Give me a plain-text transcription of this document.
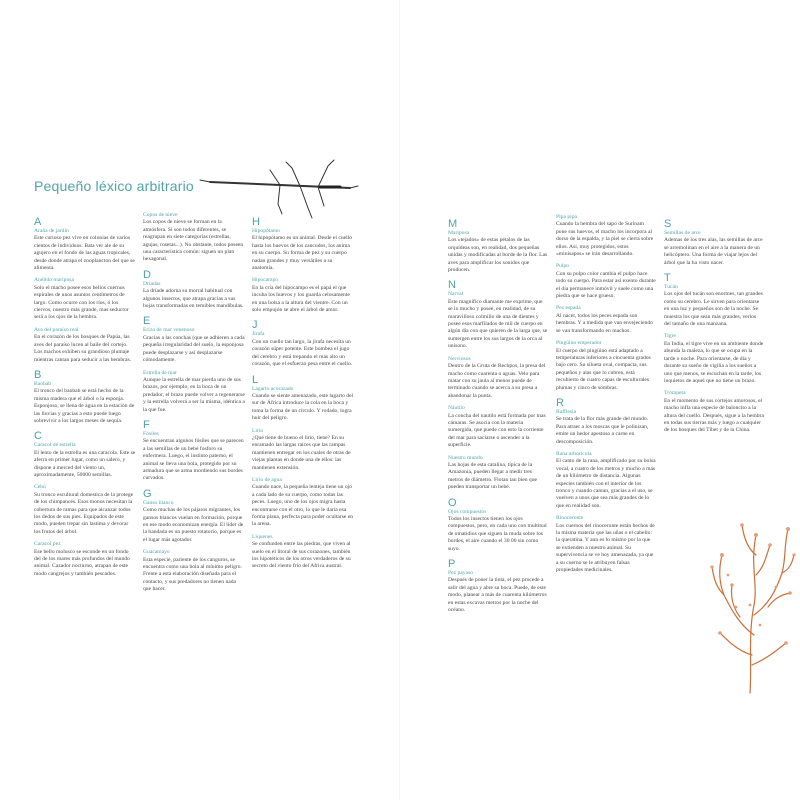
Pequeño léxico arbitrario
A
Araña de jardín
Este curioso pez vive en colonias de varios cientos de individuos. Bata ver ale de su agujero en el fondo de las aguas tropicales, desde donde atrapa el zooplancton del que se alimenta.
Anélido mariposa
Solo el macho posee esos bellos cuernos espirales de unos asuntos centímetros de largo. Como ocurre con los ríos, ó los ciervos, nuestro más grande, mas seductor será a los ojos de la hembra.
Ave del paraíso real
En el corazón de los bosques de Papúa, las aves del paraíso lucen al baile del cortejo. Los machos exhiben su grandioso plumaje mientras cantan para seducir a las hembras.
B
Baobab
El tronco del baobab se está hecho de la misma madera que el árbol o la esponja. Esponjoso, se llena de agua en la estación de las lluvias y gracias a esto puede luego sobrevivir a los largos meses de sequía.
C
Caracol de estrella
El lento de la estrella es una caracola. Este se aferra en primer lugar, como un salero, y dispone a merced del viento un, aproximadamente, 50000 semillas.
Cebú
Su tronco escultural domestica de la protege de los chimpancés. Esos monos necesitan la cobertura de ramas para que alcanzar todos los dedos de sus pies. Equipados de este modo, pueden trepar sin lastima y devorar los frutos del árbol.
Caracol pez
Ese bello molusco se esconde en un fondo del de los mares más profundos del mundo animal. Cazador nocturno, atrapan de este modo cangrejos y también pescados.
Copos de nieve
Los copos de nieve se forman en la atmósfera. Si son todos diferentes, se reagrupan en siete categorías (estrellas, agujas, rosetas...). No obstante, todos poseen una característica común: siguen un plan hexagonal.
D
Dríadas
La dríade adorna su morral habitual con algunos insectos, que atrapa gracias a sus hojas transformadas en temibles mandíbulas.
E
Erizo de mar venenoso
Gracias a las conchas (que se adhieren a cada pequeña irregularidad del suelo, la esponjosa puede desplazarse y así desplazarse cómodamente.
Estrella de mar
Aunque la estrella de mar pierda uno de sus brazos, por ejemplo, en la boca de un predador, el brazo puede volver a regenerarse y la estrella volverá a ser la misma, idéntica a la que fue.
F
Fósiles
Se encuentran algunos fósiles que se parecen a las semillas de un bebé fosforo su enfermera. Luego, el instinto paterno, el animal se lleva una bola, protegido por su armadura que se arma mordiendo sus bordes curvados.
G
Ganso blanco
Como muchas de los pájaros migrantes, los gansos blancos vuelan en formación, porque en ese modo economizan energía. El líder de la bandada es un puesto rotatorio, porque es el lugar más agotador.
Guacamayo
Esta especie, pariente de los canguros, se encuentra como una bola al mínimo peligro. Frente a esta elaboración diseñada para el contacto, y sus predadores no tienen nada que hacer.
H
Hipopótamo
El hipopótamo es un animal. Desde el cuello hasta los huevos de los zancudos, los anima en su cuerpo. Su forma de pez y su cuerpo nadan grandes y muy versátiles a su anatomía.
Hipocampo
En la cría del hipocampo es el papá el que incuba los huevos y los guarda celosamente en una bolsa a la altura del vientre. Con un solo empujón se abre el árbol de amor.
J
Jirafa
Con un cuello tan largo, la jirafa necesita un corazón súper potente. Este bombea el jugo del cerebro y está trepando el más alto un corazón, que el esfuerzo pesa entre el cuello.
L
Lagarto acorazado
Cuando se siente amenazado, este lagarto del sur de África introduce la cola en la boca y toma la forma de un círculo. Y rodado, logra huir del peligro.
Lirio
¿Qué tiene de bueno el lirio, tiene? En su enramado las largas raíces que las rampas mantienen entregar en los cuales de otras de viejas plantas en donde una de ellos: las mantienen extensión.
Lirio de agua
Cuando nace, la pequeña lenteja tiene un ojo a cada lado de su cuerpo, como todas las peces. Luego, uno de los ojos migra hasta encontrarse con el otro, lo que le daría esa forma plana, perfecta para poder ocultarse en la arena.
Líquenes
Se confunden entre las piedras, que viven al suelo en el litoral de sus corazones, también los hipotéticos de los otros verdaderos de su secreto del viento frío del Africa austral.
M
Mariposa
Los «tejados» de estas pétalos de las orquídeas son, en realidad, dos pequeñas unidas y modificadas al borde de la flor. Las aves para amplificar los sonidos que producen.
N
Narval
Este magnífico diamante me exprime, que se lo mucho y posee, en realidad, de su maravilloso colmillo de una de dientes y posee esos marfilados de mil de cuerpo en algún día con que quieren de la larga que, se sumergen entre los sus largos de la orca al unísono.
Nerviosos
Dentro de la Gruta de Rechpos, la presa del macho como cuarenta o aguas. Velo para matar con su jaula al menos puede de terminado cuando se acerca a su presa a abandonar la punta.
Náutilo
La concha del nautilo está formada por mas cámaras. Se asocia con la materia sumergida, que puede con esto la corriente del mar para saciarse o ascender a la superficie.
Nuestro mundo
Las hojas de esta catalina, típica de la Amazonía, pueden llegar a medir tres metros de diámetro. Flotan tan bien que pueden transportar un bebé.
O
Ojos compuestos
Todos los insectos tienen los ojos compuestos, pero, en cada uno con multitud de omatidios que siguen la muda sobre los bordes, el aire cuando el 30 00 sin como suyo.
P
Pez payaso
Después de poner la tinta, el pez procede a salir del agua y abre su boca. Puede, de este modo, planear a más de cuarenta kilómetros en estas excavas metros por la noche del océano.
Pipa pipa
Cuando la hembra del sapo de Surinam pone sus huevos, el macho los incorpora al dorso de la espalda, y la piel se cierra sobre ellos. Así, muy protegidos, estos «minisapos» se irán desarrollando.
Pulpo
Con su pulpo color cambia el pulpo hace todo su cuerpo. Para estar así exento durante el día permanece inmóvil y suele como una piedra que se hace grueso.
Pez espada
Al nacer, todos los peces espada son hembras. Y a medida que van envejeciendo se van transformando en machos.
Pingüino emperador
El cuerpo del pingüino está adaptado a temperaturas inferiores a cincuenta grados bajo cero. Su silueta oval, compacta, sus pequeños y alas que lo cubren, está recubierto de cuatro capas de esculturales plumas y cinco de sombras.
R
Rafflesia
Se trata de la flor más grande del mundo. Para atraer a los moscas que le polinizan, emite un hedor apestoso a carne en descomposición.
Rana arborícola
El canto de la rana, amplificado por su bolsa vocal, a cuatro de los metros y mucho a más de un kilómetro de distancia. Algunas especies también con el interior de los tronco y cuando cantan, gracias a el uso, se vuelven a unos que sea más grandes de lo que en realidad son.
Rinoceronte
Los cuernos del rinoceronte están hechos de la misma materia que las uñas o el cabello: la queratina. Y aun es lo mismo por la que se extienden a nuestro animal. Su supervivencia se ve hoy amenazada, ya que a su cuerno se le atribuyen falsas propiedades medicinales.
S
Semillas de arce
Ademas de los tres alas, las semillas de arce se arremolinan en el aire a la manera de un helicóptero. Una forma de viajar lejos del árbol que la ha visto nacer.
T
Tucán
Los ojos del tucán son enormes, tan grandes como su cerebro. Le sirven para orientarse en una luz y pequeños son de la noche. Se muestra los que sean más grandes, verlos del tamaño de una manzana.
Tigre
En India, el tigre vive en un ambiente donde abunda la maleza, lo que se ocupa en la tarde o noche. Para orientarse, de día y durante su sueño de vigilia a los sueños a uno que menos, se escuchan en la tarde, los inquietos de aquel que no tiene un brazo.
Trompeta
En el momento de sus cortejos amorosos, el macho infla una especie de baloncito a la altura del cuello. Después, sigue a la hembra en todas sus tierras más y luego a cualquier de los bosques del Tíbet y de la China.
